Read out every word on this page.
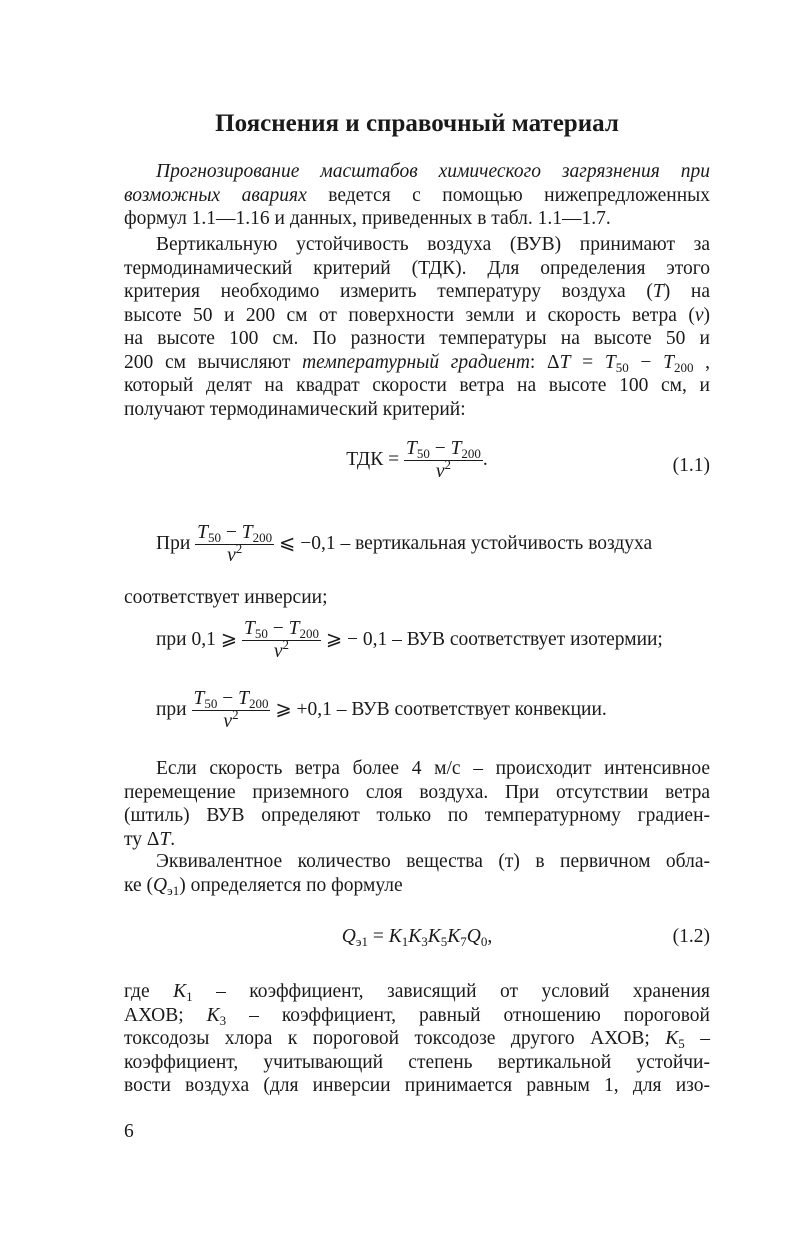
Пояснения и справочный материал
Прогнозирование масштабов химического загрязнения при
возможных авариях ведется с помощью нижепредложенных
формул 1.1—1.16 и данных, приведенных в табл. 1.1—1.7.
Вертикальную устойчивость воздуха (ВУВ) принимают за
термодинамический критерий (ТДК). Для определения этого
критерия необходимо измерить температуру воздуха (T) на
высоте 50 и 200 см от поверхности земли и скорость ветра (v)
на высоте 100 см. По разности температуры на высоте 50 и
200 см вычисляют температурный градиент: $\Delta T = T_{50} - T_{200}$ ,
который делят на квадрат скорости ветра на высоте 100 см, и
получают термодинамический критерий:
ТДК = $\frac{T_{50} - T_{200}}{v^2}$ .	(1.1)
При $\frac{T_{50} - T_{200}}{v^2}$ ⩽ −0,1 – вертикальная устойчивость воздуха
соответствует инверсии;
при 0,1 ⩾ $\frac{T_{50} - T_{200}}{v^2}$ ⩾ − 0,1 – ВУВ соответствует изотермии;
при $\frac{T_{50} - T_{200}}{v^2}$ ⩾ +0,1 – ВУВ соответствует конвекции.
Если скорость ветра более 4 м/с – происходит интенсивное
перемещение приземного слоя воздуха. При отсутствии ветра
(штиль) ВУВ определяют только по температурному градиен-
ту ΔT.
Эквивалентное количество вещества (т) в первичном обла-
ке $(Q_{э1})$ определяется по формуле
$Q_{э1} = K_1K_3K_5K_7Q_0$,	(1.2)
где $K_1$ – коэффициент, зависящий от условий хранения
АХОВ; $K_3$ – коэффициент, равный отношению пороговой
токсодозы хлора к пороговой токсодозе другого АХОВ; $K_5$ –
коэффициент, учитывающий степень вертикальной устойчи-
вости воздуха (для инверсии принимается равным 1, для изо-
6
